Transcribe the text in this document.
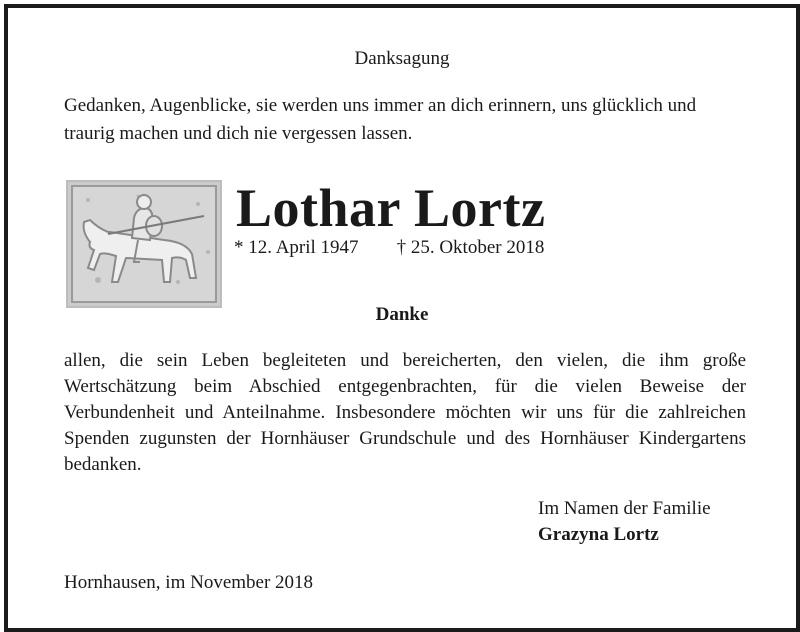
Danksagung
Gedanken, Augenblicke, sie werden uns immer an dich erinnern, uns glücklich und traurig machen und dich nie vergessen lassen.
Lothar Lortz
* 12. April 1947 † 25. Oktober 2018
Danke
allen, die sein Leben begleiteten und bereicherten, den vielen, die ihm große Wertschätzung beim Abschied entgegenbrachten, für die vielen Beweise der Verbundenheit und Anteilnahme. Insbesondere möchten wir uns für die zahlreichen Spenden zugunsten der Hornhäuser Grundschule und des Hornhäuser Kindergartens bedanken.
Im Namen der Familie
Grazyna Lortz
Hornhausen, im November 2018
